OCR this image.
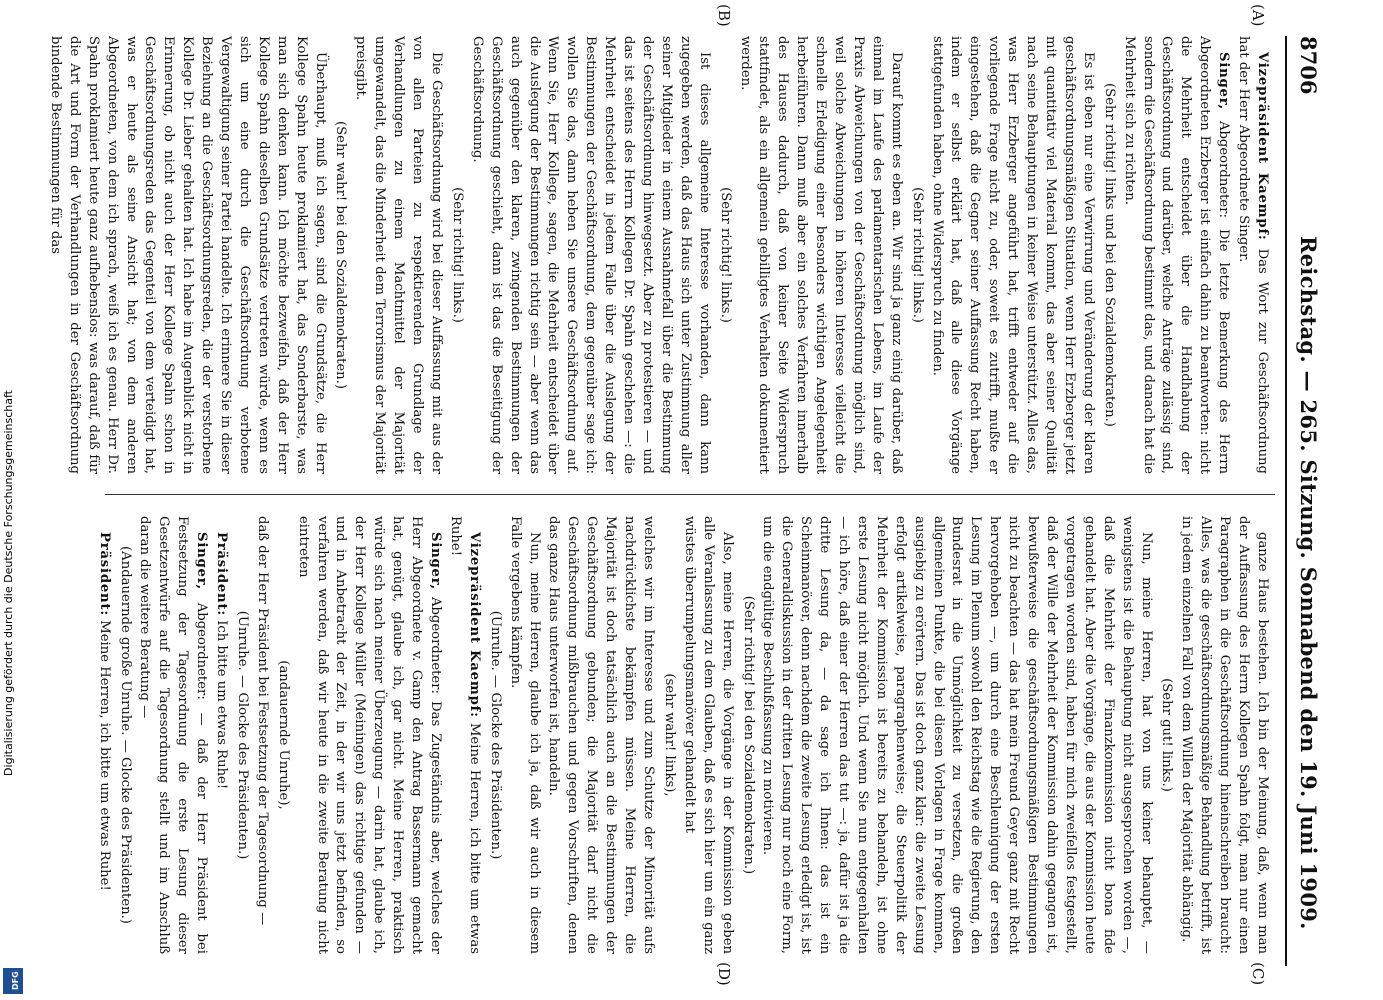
8706
Reichstag. — 265. Sitzung. Sonnabend den 19. Juni 1909.
(A)
(B)
(C)
(D)

Vizepräsident Kaempf: Das Wort zur Geschäftsordnung hat der Herr Abgeordnete Singer.

Singer, Abgeordneter: Die letzte Bemerkung des Herrn Abgeordneten Erzberger ist einfach dahin zu beantworten: nicht die Mehrheit entscheidet über die Handhabung der Geschäftsordnung und darüber, welche Anträge zulässig sind, sondern die Geschäftsordnung bestimmt das, und danach hat die Mehrheit sich zu richten.

(Sehr richtig! links und bei den Sozialdemokraten.)

Es ist eben nur eine Verwirrung und Veränderung der klaren geschäftsordnungsmäßigen Situation, wenn Herr Erzberger jetzt mit quantitativ viel Material kommt, das aber seiner Qualität nach seine Behauptungen in keiner Weise unterstützt. Alles das, was Herr Erzberger angeführt hat, trifft entweder auf die vorliegende Frage nicht zu, oder, soweit es zutrifft, mußte er eingestehen, daß die Gegner seiner Auffassung Recht haben, indem er selbst erklärt hat, daß alle diese Vorgänge stattgefunden haben, ohne Widerspruch zu finden.

(Sehr richtig! links.)

Darauf kommt es eben an. Wir sind ja ganz einig darüber, daß einmal im Laufe des parlamentarischen Lebens, im Laufe der Praxis Abweichungen von der Geschäftsordnung möglich sind, weil solche Abweichungen in höheren Interesse vielleicht die schnelle Erledigung einer besonders wichtigen Angelegenheit herbeiführen. Dann muß aber ein solches Verfahren innerhalb des Hauses dadurch, daß von keiner Seite Widerspruch stattfindet, als ein allgemein gebilligtes Verhalten dokumentiert werden.

(Sehr richtig! links.)

Ist dieses allgemeine Interesse vorhanden, dann kann zugegeben werden, daß das Haus sich unter Zustimmung aller seiner Mitglieder in einem Ausnahmefall über die Bestimmung der Geschäftsordnung hinwegsetzt. Aber zu protestieren — und das ist seitens des Herrn Kollegen Dr. Spahn geschehen —: die Mehrheit entscheidet in jedem Falle über die Auslegung der Bestimmungen der Geschäftsordnung, dem gegenüber sage ich: wollen Sie das, dann heben Sie unsere Geschäftsordnung auf. Wenn Sie, Herr Kollege, sagen, die Mehrheit entscheidet über die Auslegung der Bestimmungen richtig sein — aber wenn das auch gegenüber den klaren, zwingenden Bestimmungen der Geschäftsordnung geschieht, dann ist das die Beseitigung der Geschäftsordnung.

(Sehr richtig! links.)

Die Geschäftsordnung wird bei dieser Auffassung mit aus der von allen Parteien zu respektierenden Grundlage der Verhandlungen zu einem Machtmittel der Majorität umgewandelt, das die Minderheit dem Terrorismus der Majorität preisgibt.

(Sehr wahr! bei den Sozialdemokraten.)

Überhaupt, muß ich sagen, sind die Grundsätze, die Herr Kollege Spahn heute proklamiert hat, das Sonderbarste, was man sich denken kann. Ich möchte bezweifeln, daß der Herr Kollege Spahn dieselben Grundsätze vertreten würde, wenn es sich um eine durch die Geschäftsordnung verbotene Vergewaltigung seiner Partei handelte. Ich erinnere Sie in dieser Beziehung an die Geschäftsordnungsreden, die der verstorbene Kollege Dr. Lieber gehalten hat. Ich habe im Augenblick nicht in Erinnerung, ob nicht auch der Herr Kollege Spahn schon in Geschäftsordnungsreden das Gegenteil von dem verteidigt hat, was er heute als seine Ansicht hat; von dem anderen Abgeordneten, von dem ich sprach, weiß ich es genau. Herr Dr. Spahn proklamiert heute ganz aufhebenslos: was darauf, daß für die Art und Form der Verhandlungen in der Geschäftsordnung bindende Bestimmungen für das

ganze Haus bestehen. Ich bin der Meinung, daß, wenn man der Auffassung des Herrn Kollegen Spahn folgt, man nur einen Paragraphen in die Geschäftsordnung hineinschreiben braucht: Alles, was die geschäftsordnungsmäßige Behandlung betrifft, ist in jedem einzelnen Fall von dem Willen der Majorität abhängig.

(Sehr gut! links.)

Nun, meine Herren, hat von uns keiner behauptet, — wenigstens ist die Behauptung nicht ausgesprochen worden —, daß die Mehrheit der Finanzkommission nicht bona fide gehandelt hat. Aber die Vorgänge, die aus der Kommission heute vorgetragen worden sind, haben für mich zweifellos festgestellt, daß der Wille der Mehrheit der Kommission dahin gegangen ist, bewußterweise die geschäftsordnungsmäßigen Bestimmungen nicht zu beachten — das hat mein Freund Geyer ganz mit Recht hervorgehoben —, um durch eine Beschleunigung der ersten Lesung im Plenum sowohl den Reichstag wie die Regierung, den Bundesrat in die Unmöglichkeit zu versetzen, die großen allgemeinen Punkte, die bei diesen Vorlagen in Frage kommen, ausgiebig zu erörtern. Das ist doch ganz klar: die zweite Lesung erfolgt artikelweise, paragraphenweise; die Steuerpolitik der Mehrheit der Kommission ist bereits zu behandeln, ist ohne erste Lesung nicht möglich. Und wenn Sie nun entgegenhalten — ich höre, daß einer der Herren das tut —: ja, dafür ist ja die dritte Lesung da, — da sage ich Ihnen: das ist ein Scheinmanöver, denn nachdem die zweite Lesung erledigt ist, ist die Generaldiskussion in der dritten Lesung nur noch eine Form, um die endgültige Beschlußfassung zu motivieren.

(Sehr richtig! bei den Sozialdemokraten.)

Also, meine Herren, die Vorgänge in der Kommission geben alle Veranlassung zu dem Glauben, daß es sich hier um ein ganz wüstes überrumpelungsmanöver gehandelt hat

(sehr wahr! links),

welches wir im Interesse und zum Schutze der Minorität aufs nachdrücklichste bekämpfen müssen. Meine Herren, die Majorität ist doch tatsächlich auch an die Bestimmungen der Geschäftsordnung gebunden; die Majorität darf nicht die Geschäftsordnung mißbrauchen und gegen Vorschriften, denen das ganze Haus unterworfen ist, handeln.

Nun, meine Herren, glaube ich ja, daß wir auch in diesem Falle vergebens kämpfen.

(Unruhe. — Glocke des Präsidenten.)

Vizepräsident Kaempf: Meine Herren, ich bitte um etwas Ruhe!

Singer, Abgeordneter: Das Zugeständnis aber, welches der Herr Abgeordnete v. Gamp den Antrag Bassermann gemacht hat, genügt, glaube ich, gar nicht. Meine Herren, praktisch würde sich nach meiner Überzeugung — darin hat, glaube ich, der Herr Kollege Müller (Meiningen) das richtige gefunden — und in Anbetracht der Zeit, in der wir uns jetzt befinden, so verfahren werden, daß wir heute in die zweite Beratung nicht eintreten

(andauernde Unruhe),

daß der Herr Präsident bei Festsetzung der Tagesordnung —

(Unruhe. — Glocke des Präsidenten.)

Präsident: Ich bitte um etwas Ruhe!

Singer, Abgeordneter: — daß der Herr Präsident bei Festsetzung der Tagesordnung die erste Lesung dieser Gesetzentwürfe auf die Tagesordnung stellt und im Anschluß daran die weitere Beratung —

(Andauernde große Unruhe. — Glocke des Präsidenten.)

Präsident: Meine Herren, ich bitte um etwas Ruhe!

Digitalisierung gefördert durch die Deutsche Forschungsgemeinschaft
DFG
